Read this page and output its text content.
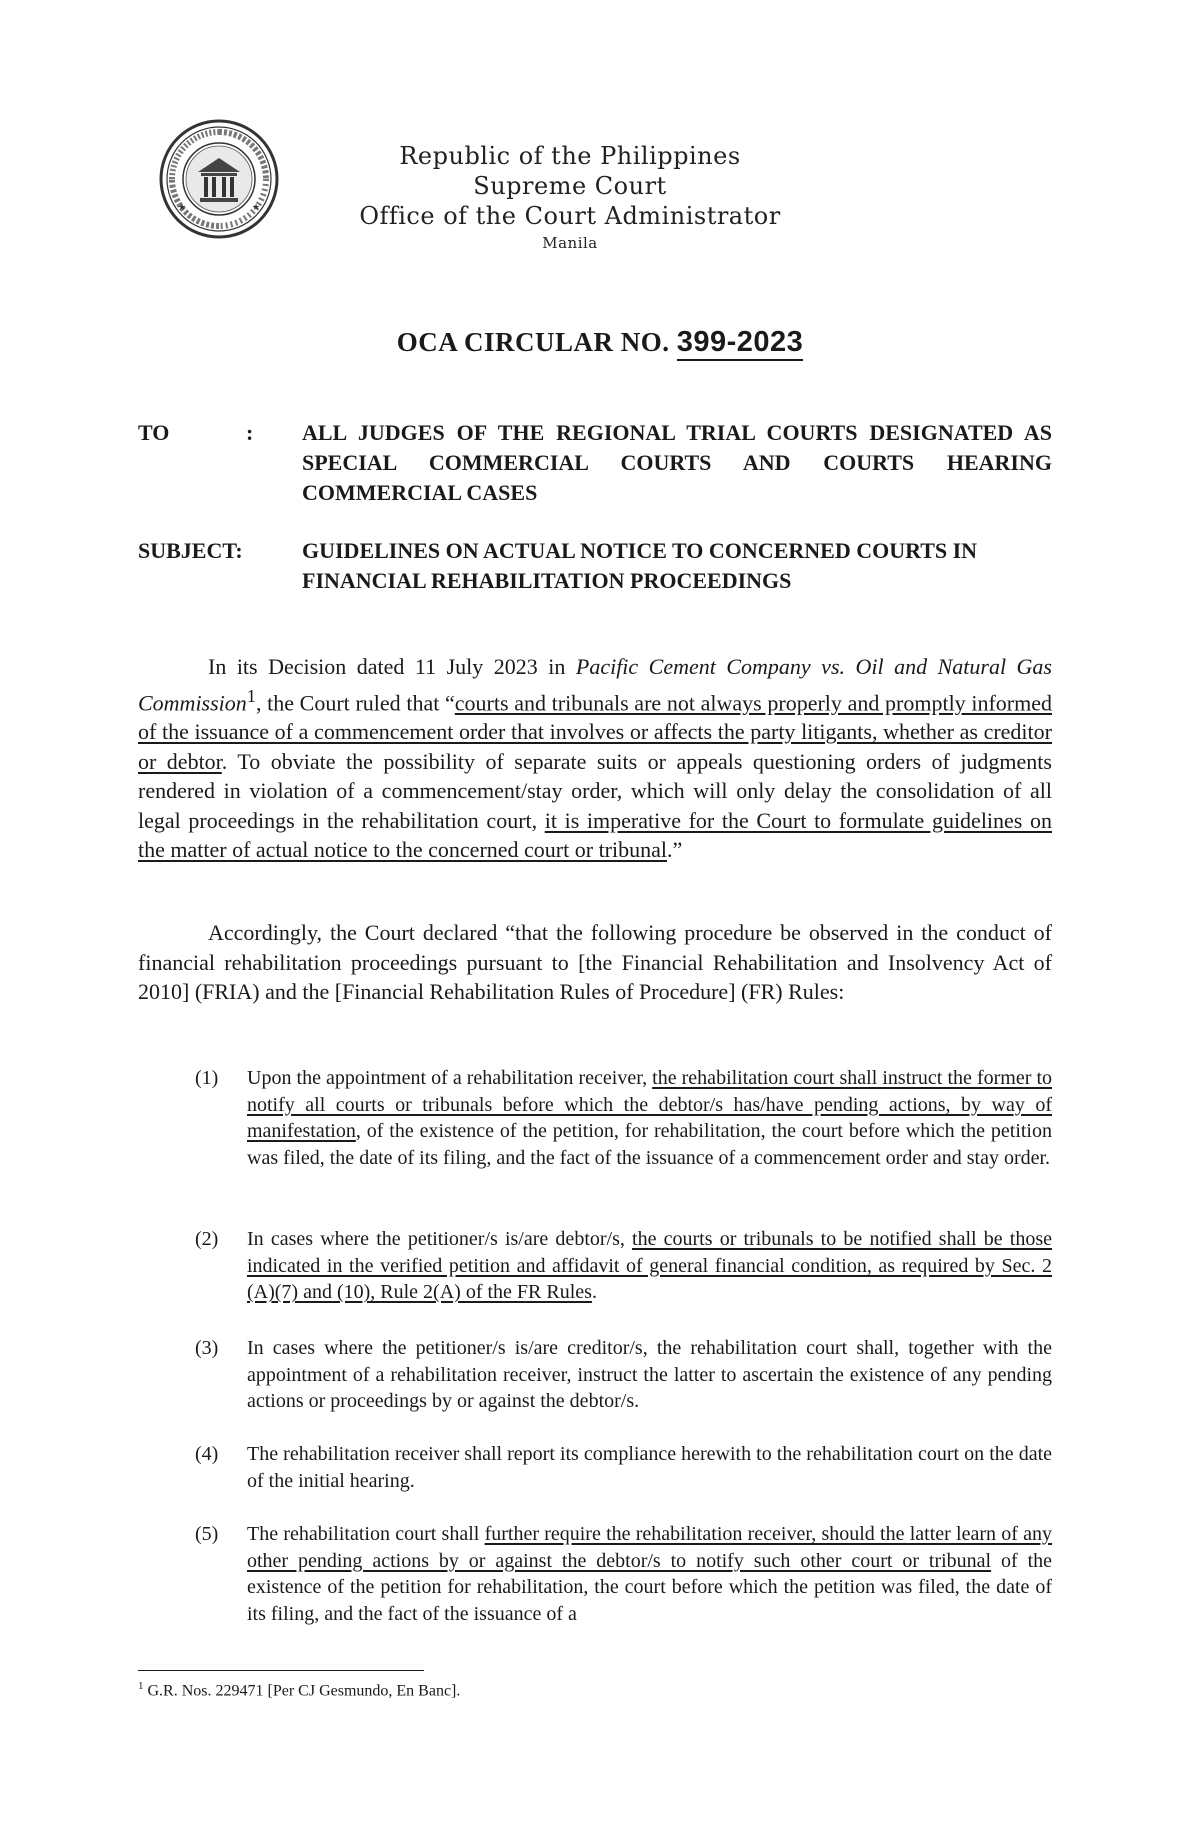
★	★
Republic of the Philippines
Supreme Court
Office of the Court Administrator
Manila
OCA CIRCULAR NO. 399-2023
TO	: ALL JUDGES OF THE REGIONAL TRIAL COURTS DESIGNATED AS SPECIAL COMMERCIAL COURTS AND COURTS HEARING COMMERCIAL CASES
SUBJECT:	GUIDELINES ON ACTUAL NOTICE TO CONCERNED COURTS IN FINANCIAL REHABILITATION PROCEEDINGS
In its Decision dated 11 July 2023 in Pacific Cement Company vs. Oil and Natural Gas Commission$^1$, the Court ruled that “courts and tribunals are not always properly and promptly informed of the issuance of a commencement order that involves or affects the party litigants, whether as creditor or debtor. To obviate the possibility of separate suits or appeals questioning orders of judgments rendered in violation of a commencement/stay order, which will only delay the consolidation of all legal proceedings in the rehabilitation court, it is imperative for the Court to formulate guidelines on the matter of actual notice to the concerned court or tribunal.”
Accordingly, the Court declared “that the following procedure be observed in the conduct of financial rehabilitation proceedings pursuant to [the Financial Rehabilitation and Insolvency Act of 2010] (FRIA) and the [Financial Rehabilitation Rules of Procedure] (FR) Rules:
(1) Upon the appointment of a rehabilitation receiver, the rehabilitation court shall instruct the former to notify all courts or tribunals before which the debtor/s has/have pending actions, by way of manifestation, of the existence of the petition, for rehabilitation, the court before which the petition was filed, the date of its filing, and the fact of the issuance of a commencement order and stay order.
(2) In cases where the petitioner/s is/are debtor/s, the courts or tribunals to be notified shall be those indicated in the verified petition and affidavit of general financial condition, as required by Sec. 2 (A)(7) and (10), Rule 2(A) of the FR Rules.
(3) In cases where the petitioner/s is/are creditor/s, the rehabilitation court shall, together with the appointment of a rehabilitation receiver, instruct the latter to ascertain the existence of any pending actions or proceedings by or against the debtor/s.
(4) The rehabilitation receiver shall report its compliance herewith to the rehabilitation court on the date of the initial hearing.
(5) The rehabilitation court shall further require the rehabilitation receiver, should the latter learn of any other pending actions by or against the debtor/s to notify such other court or tribunal of the existence of the petition for rehabilitation, the court before which the petition was filed, the date of its filing, and the fact of the issuance of a
$^1$ G.R. Nos. 229471 [Per CJ Gesmundo, En Banc].
